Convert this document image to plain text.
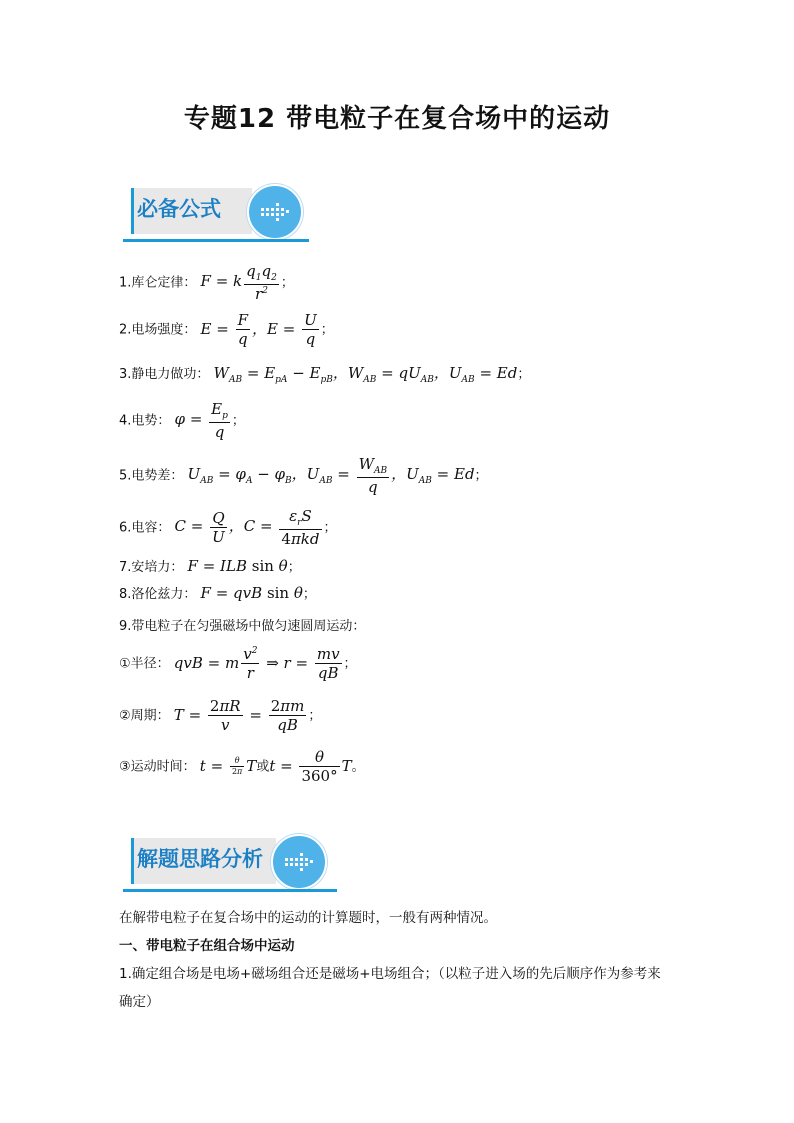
专题12 带电粒子在复合场中的运动
必备公式
1.库仑定律： F = k $\frac{q_1q_2}{r^2}$ ；
2.电场强度： $E = \frac{F}{q}$ ，$E = \frac{U}{q}$ ；
3.静电力做功： $W_{AB} = E_{pA} - E_{pB}$，$W_{AB} = qU_{AB}$，$U_{AB} = Ed$；
4.电势： $\varphi = \frac{E_p}{q}$ ；
5.电势差： $U_{AB} = \varphi_A - \varphi_B$，$U_{AB} = \frac{W_{AB}}{q}$ ，$U_{AB} = Ed$；
6.电容： $C = \frac{Q}{U}$ ，$C = \frac{\varepsilon_rS}{\text{4πkd}}$ ；
7.安培力： F = ILB sin θ；
8.洛伦兹力： F = qvB sin θ；
9.带电粒子在匀强磁场中做匀速圆周运动：
①半径： qvB = m $\frac{v^2}{r}$ ⇒ $r = \frac{mv}{qB}$ ；
②周期： $T = \frac{2\pi R}{v} = \frac{2\pi m}{qB}$ ；
③运动时间： $t = \frac{\theta}{2\pi}$ T或$t = \frac{\theta}{360^\circ}$ T。
解题思路分析
在解带电粒子在复合场中的运动的计算题时，一般有两种情况。
一、带电粒子在组合场中运动
1.确定组合场是电场+磁场组合还是磁场+电场组合；（以粒子进入场的先后顺序作为参考来
确定）
